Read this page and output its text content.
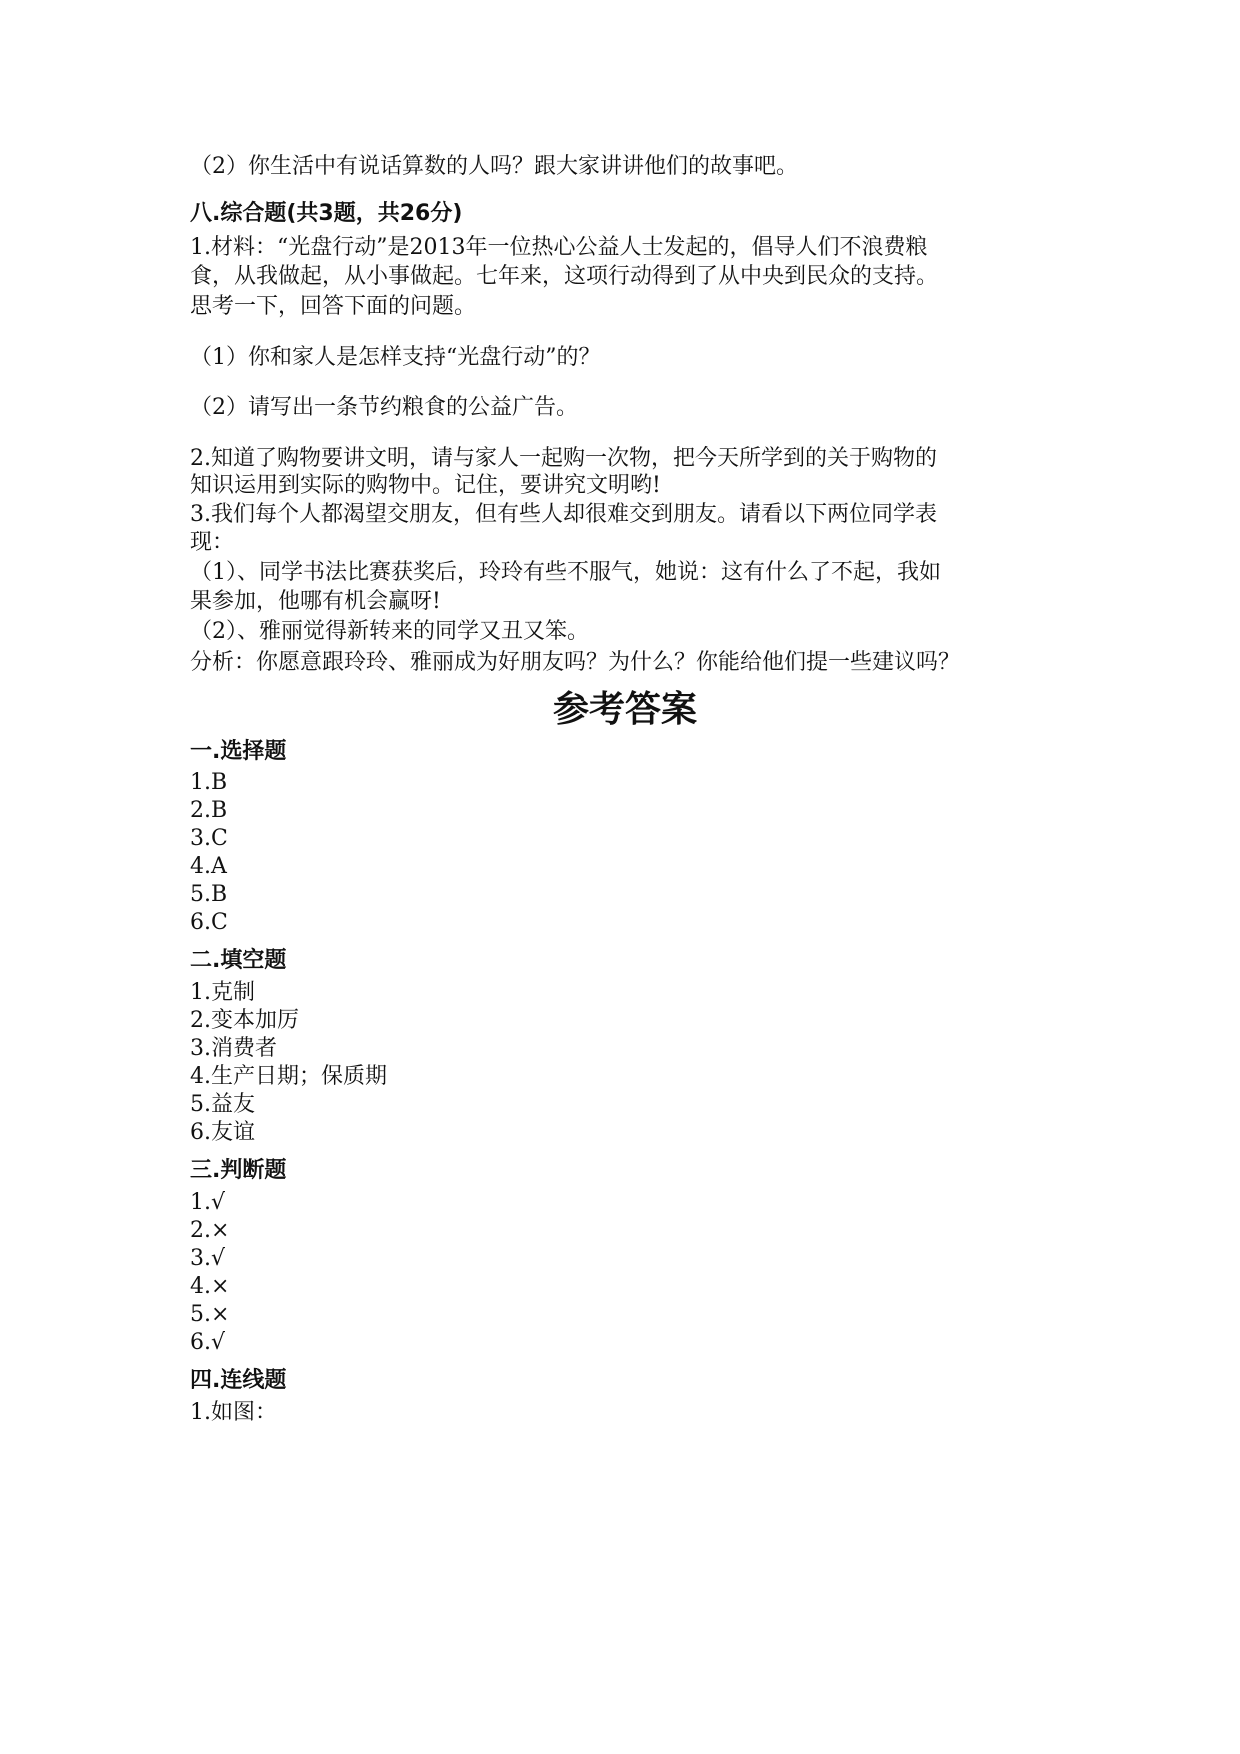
（2）你生活中有说话算数的人吗？跟大家讲讲他们的故事吧。
八.综合题(共3题，共26分)
1.材料：“光盘行动”是2013年一位热心公益人士发起的，倡导人们不浪费粮
食，从我做起，从小事做起。七年来，这项行动得到了从中央到民众的支持。
思考一下，回答下面的问题。
（1）你和家人是怎样支持“光盘行动”的？
（2）请写出一条节约粮食的公益广告。
2.知道了购物要讲文明，请与家人一起购一次物，把今天所学到的关于购物的
知识运用到实际的购物中。记住，要讲究文明哟!
3.我们每个人都渴望交朋友，但有些人却很难交到朋友。请看以下两位同学表
现：
（1）、同学书法比赛获奖后，玲玲有些不服气，她说：这有什么了不起，我如
果参加，他哪有机会赢呀!
（2）、雅丽觉得新转来的同学又丑又笨。
分析：你愿意跟玲玲、雅丽成为好朋友吗？为什么？你能给他们提一些建议吗？
参考答案
一.选择题
1.B
2.B
3.C
4.A
5.B
6.C
二.填空题
1.克制
2.变本加厉
3.消费者
4.生产日期；保质期
5.益友
6.友谊
三.判断题
1.√
2.×
3.√
4.×
5.×
6.√
四.连线题
1.如图：
